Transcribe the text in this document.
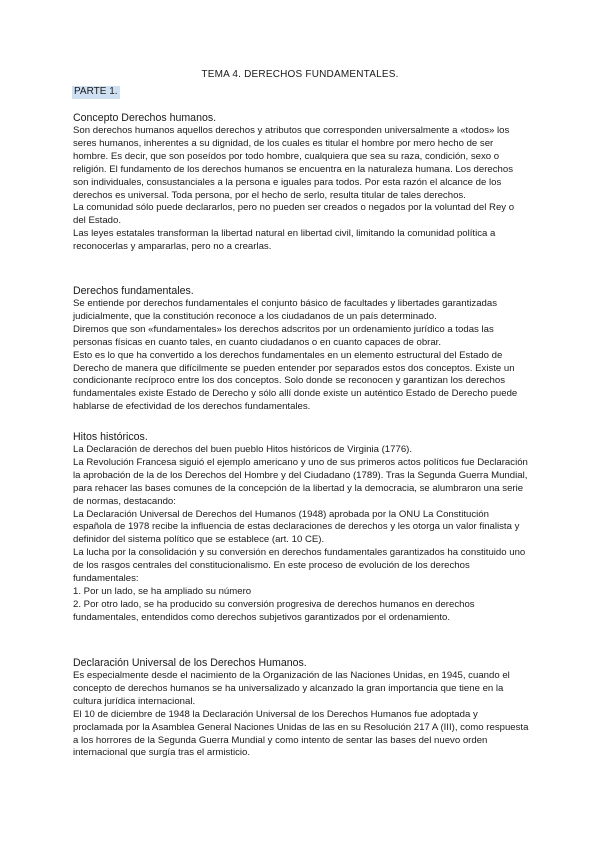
TEMA 4. DERECHOS FUNDAMENTALES.
PARTE 1.

Concepto Derechos humanos.

Son derechos humanos aquellos derechos y atributos que corresponden universalmente a «todos» los seres humanos, inherentes a su dignidad, de los cuales es titular el hombre por mero hecho de ser hombre. Es decir, que son poseídos por todo hombre, cualquiera que sea su raza, condición, sexo o religión. El fundamento de los derechos humanos se encuentra en la naturaleza humana. Los derechos son individuales, consustanciales a la persona e iguales para todos. Por esta razón el alcance de los derechos es universal. Toda persona, por el hecho de serlo, resulta titular de tales derechos.

La comunidad sólo puede declararlos, pero no pueden ser creados o negados por la voluntad del Rey o del Estado.

Las leyes estatales transforman la libertad natural en libertad civil, limitando la comunidad política a reconocerlas y ampararlas, pero no a crearlas.

Derechos fundamentales.

Se entiende por derechos fundamentales el conjunto básico de facultades y libertades garantizadas judicialmente, que la constitución reconoce a los ciudadanos de un país determinado.

Diremos que son «fundamentales» los derechos adscritos por un ordenamiento jurídico a todas las personas físicas en cuanto tales, en cuanto ciudadanos o en cuanto capaces de obrar.

Esto es lo que ha convertido a los derechos fundamentales en un elemento estructural del Estado de Derecho de manera que difícilmente se pueden entender por separados estos dos conceptos. Existe un condicionante recíproco entre los dos conceptos. Solo donde se reconocen y garantizan los derechos fundamentales existe Estado de Derecho y sólo allí donde existe un auténtico Estado de Derecho puede hablarse de efectividad de los derechos fundamentales.

Hitos históricos.

La Declaración de derechos del buen pueblo Hitos históricos de Virginia (1776).

La Revolución Francesa siguió el ejemplo americano y uno de sus primeros actos políticos fue Declaración la aprobación de la de los Derechos del Hombre y del Ciudadano (1789). Tras la Segunda Guerra Mundial, para rehacer las bases comunes de la concepción de la libertad y la democracia, se alumbraron una serie de normas, destacando:

La Declaración Universal de Derechos del Humanos (1948) aprobada por la ONU La Constitución española de 1978 recibe la influencia de estas declaraciones de derechos y les otorga un valor finalista y definidor del sistema político que se establece (art. 10 CE).

La lucha por la consolidación y su conversión en derechos fundamentales garantizados ha constituido uno de los rasgos centrales del constitucionalismo. En este proceso de evolución de los derechos fundamentales:

1. Por un lado, se ha ampliado su número

2. Por otro lado, se ha producido su conversión progresiva de derechos humanos en derechos fundamentales, entendidos como derechos subjetivos garantizados por el ordenamiento.

Declaración Universal de los Derechos Humanos.

Es especialmente desde el nacimiento de la Organización de las Naciones Unidas, en 1945, cuando el concepto de derechos humanos se ha universalizado y alcanzado la gran importancia que tiene en la cultura jurídica internacional.

El 10 de diciembre de 1948 la Declaración Universal de los Derechos Humanos fue adoptada y proclamada por la Asamblea General Naciones Unidas de las en su Resolución 217 A (III), como respuesta a los horrores de la Segunda Guerra Mundial y como intento de sentar las bases del nuevo orden internacional que surgía tras el armisticio.
